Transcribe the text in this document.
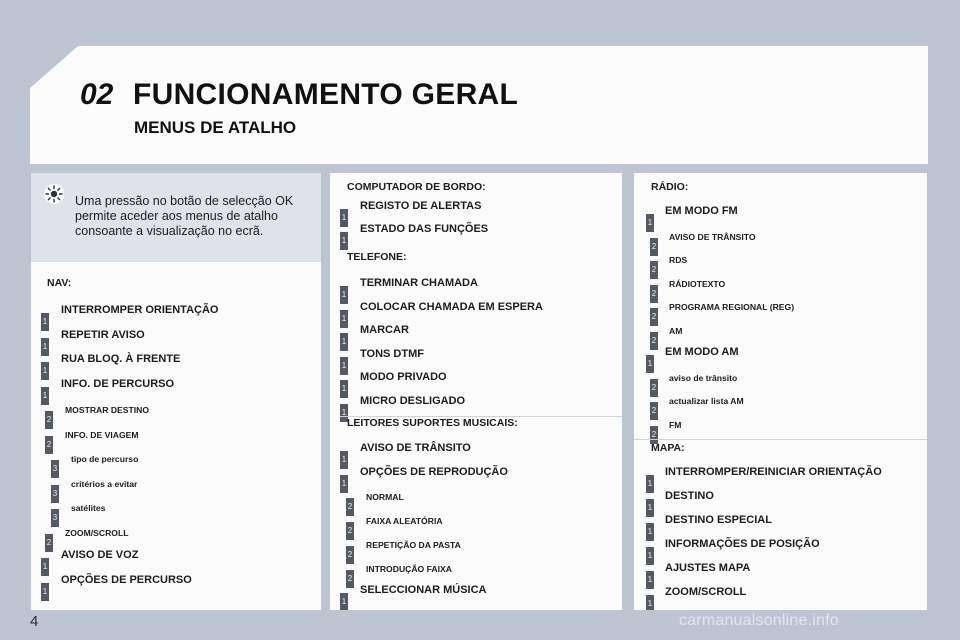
02 FUNCIONAMENTO GERAL
MENUS DE ATALHO
Uma pressão no botão de selecção OK permite aceder aos menus de atalho consoante a visualização no ecrã.
NAV:
1
INTERROMPER ORIENTAÇÃO
1
REPETIR AVISO
1
RUA BLOQ. À FRENTE
1
INFO. DE PERCURSO
2
MOSTRAR DESTINO
2
INFO. DE VIAGEM
3
tipo de percurso
3
critérios a evitar
3
satélites
2
ZOOM/SCROLL
1
AVISO DE VOZ
1
OPÇÕES DE PERCURSO
COMPUTADOR DE BORDO:
1
REGISTO DE ALERTAS
1
ESTADO DAS FUNÇÕES
TELEFONE:
1
TERMINAR CHAMADA
1
COLOCAR CHAMADA EM ESPERA
1
MARCAR
1
TONS DTMF
1
MODO PRIVADO
1
MICRO DESLIGADO
LEITORES SUPORTES MUSICAIS:
1
AVISO DE TRÂNSITO
1
OPÇÕES DE REPRODUÇÃO
2
NORMAL
2
FAIXA ALEATÓRIA
2
REPETIÇÃO DA PASTA
2
INTRODUÇÃO FAIXA
1
SELECCIONAR MÚSICA
RÁDIO:
1
EM MODO FM
2
AVISO DE TRÂNSITO
2
RDS
2
RÁDIOTEXTO
2
PROGRAMA REGIONAL (REG)
2
AM
1
EM MODO AM
2
aviso de trânsito
2
actualizar lista AM
2
FM
MAPA:
1
INTERROMPER/REINICIAR ORIENTAÇÃO
1
DESTINO
1
DESTINO ESPECIAL
1
INFORMAÇÕES DE POSIÇÃO
1
AJUSTES MAPA
1
ZOOM/SCROLL
4	carmanualsonline.info
